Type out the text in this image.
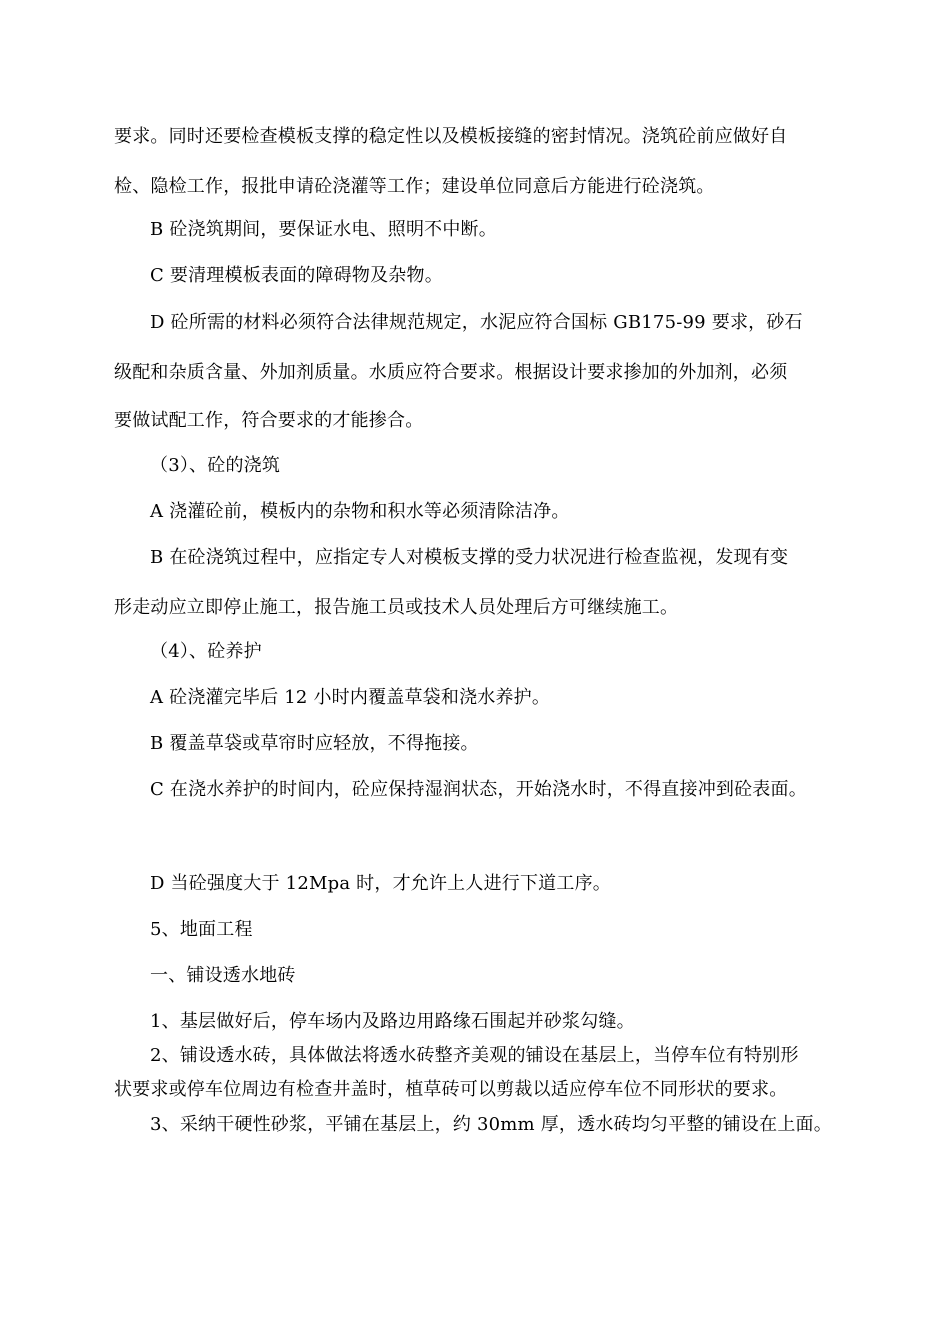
要求。同时还要检查模板支撑的稳定性以及模板接缝的密封情况。浇筑砼前应做好自
检、隐检工作，报批申请砼浇灌等工作；建设单位同意后方能进行砼浇筑。
B 砼浇筑期间，要保证水电、照明不中断。
C 要清理模板表面的障碍物及杂物。
D 砼所需的材料必须符合法律规范规定，水泥应符合国标 GB175-99 要求，砂石
级配和杂质含量、外加剂质量。水质应符合要求。根据设计要求掺加的外加剂，必须
要做试配工作，符合要求的才能掺合。
（3）、砼的浇筑
A 浇灌砼前，模板内的杂物和积水等必须清除洁净。
B 在砼浇筑过程中，应指定专人对模板支撑的受力状况进行检查监视，发现有变
形走动应立即停止施工，报告施工员或技术人员处理后方可继续施工。
（4）、砼养护
A 砼浇灌完毕后 12 小时内覆盖草袋和浇水养护。
B 覆盖草袋或草帘时应轻放，不得拖接。
C 在浇水养护的时间内，砼应保持湿润状态，开始浇水时，不得直接冲到砼表面。
D 当砼强度大于 12Mpa 时，才允许上人进行下道工序。
5、地面工程
一、铺设透水地砖
1、基层做好后，停车场内及路边用路缘石围起并砂浆勾缝。
2、铺设透水砖，具体做法将透水砖整齐美观的铺设在基层上，当停车位有特别形
状要求或停车位周边有检查井盖时，植草砖可以剪裁以适应停车位不同形状的要求。
3、采纳干硬性砂浆，平铺在基层上，约 30mm 厚，透水砖均匀平整的铺设在上面。
